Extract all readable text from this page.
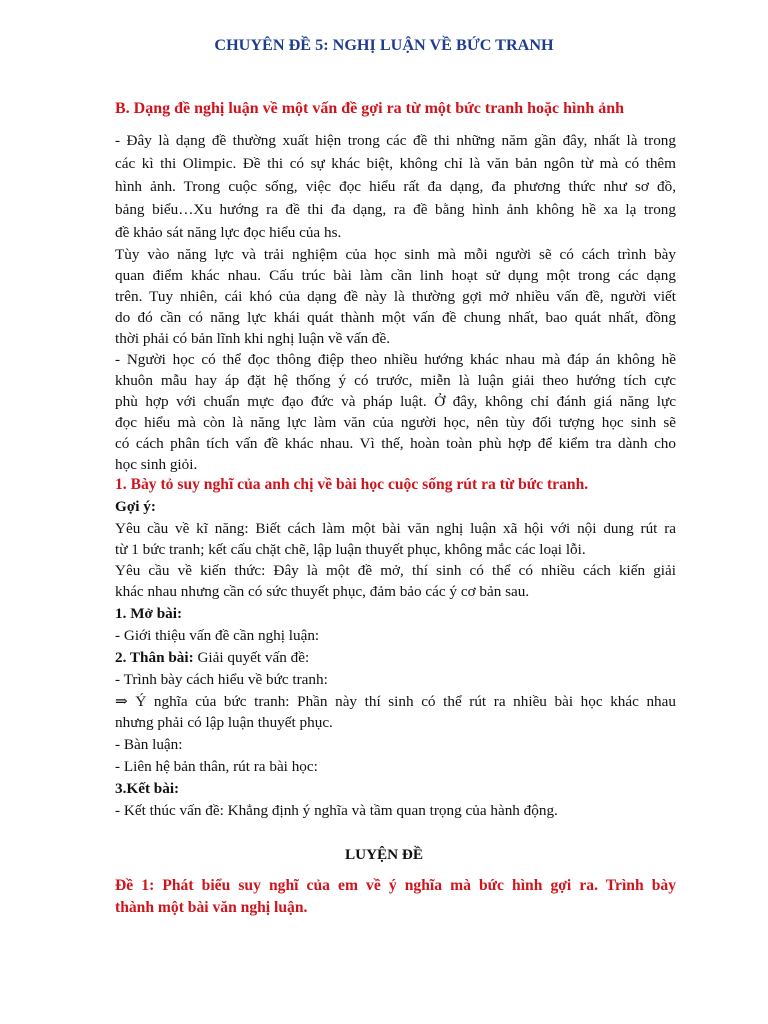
CHUYÊN ĐỀ 5: NGHỊ LUẬN VỀ BỨC TRANH
B. Dạng đề nghị luận về một vấn đề gợi ra từ một bức tranh hoặc hình ảnh
- Đây là dạng đề thường xuất hiện trong các đề thi những năm gần đây, nhất là trong
các kì thi Olimpic. Đề thi có sự khác biệt, không chỉ là văn bản ngôn từ mà có thêm
hình ảnh. Trong cuộc sống, việc đọc hiểu rất đa dạng, đa phương thức như sơ đồ,
bảng biểu…Xu hướng ra đề thi đa dạng, ra đề bằng hình ảnh không hề xa lạ trong
đề khảo sát năng lực đọc hiểu của hs.
Tùy vào năng lực và trải nghiệm của học sinh mà mỗi người sẽ có cách trình bày
quan điểm khác nhau. Cấu trúc bài làm cần linh hoạt sử dụng một trong các dạng
trên. Tuy nhiên, cái khó của dạng đề này là thường gợi mở nhiều vấn đề, người viết
do đó cần có năng lực khái quát thành một vấn đề chung nhất, bao quát nhất, đồng
thời phải có bản lĩnh khi nghị luận về vấn đề.
- Người học có thể đọc thông điệp theo nhiều hướng khác nhau mà đáp án không hề
khuôn mẫu hay áp đặt hệ thống ý có trước, miễn là luận giải theo hướng tích cực
phù hợp với chuẩn mực đạo đức và pháp luật. Ở đây, không chỉ đánh giá năng lực
đọc hiểu mà còn là năng lực làm văn của người học, nên tùy đối tượng học sinh sẽ
có cách phân tích vấn đề khác nhau. Vì thế, hoàn toàn phù hợp để kiểm tra dành cho
học sinh giỏi.
1. Bày tỏ suy nghĩ của anh chị về bài học cuộc sống rút ra từ bức tranh.
Gợi ý:
Yêu cầu về kĩ năng: Biết cách làm một bài văn nghị luận xã hội với nội dung rút ra
từ 1 bức tranh; kết cấu chặt chẽ, lập luận thuyết phục, không mắc các loại lỗi.
Yêu cầu về kiến thức: Đây là một đề mở, thí sinh có thể có nhiều cách kiến giải
khác nhau nhưng cần có sức thuyết phục, đảm bảo các ý cơ bản sau.
1. Mở bài:
- Giới thiệu vấn đề cần nghị luận:
2. Thân bài: Giải quyết vấn đề:
- Trình bày cách hiểu về bức tranh:
⇒ Ý nghĩa của bức tranh: Phần này thí sinh có thể rút ra nhiều bài học khác nhau
nhưng phải có lập luận thuyết phục.
- Bàn luận:
- Liên hệ bản thân, rút ra bài học:
3.Kết bài:
- Kết thúc vấn đề: Khẳng định ý nghĩa và tầm quan trọng của hành động.
LUYỆN ĐỀ
Đề 1: Phát biểu suy nghĩ của em về ý nghĩa mà bức hình gợi ra. Trình bày
thành một bài văn nghị luận.
